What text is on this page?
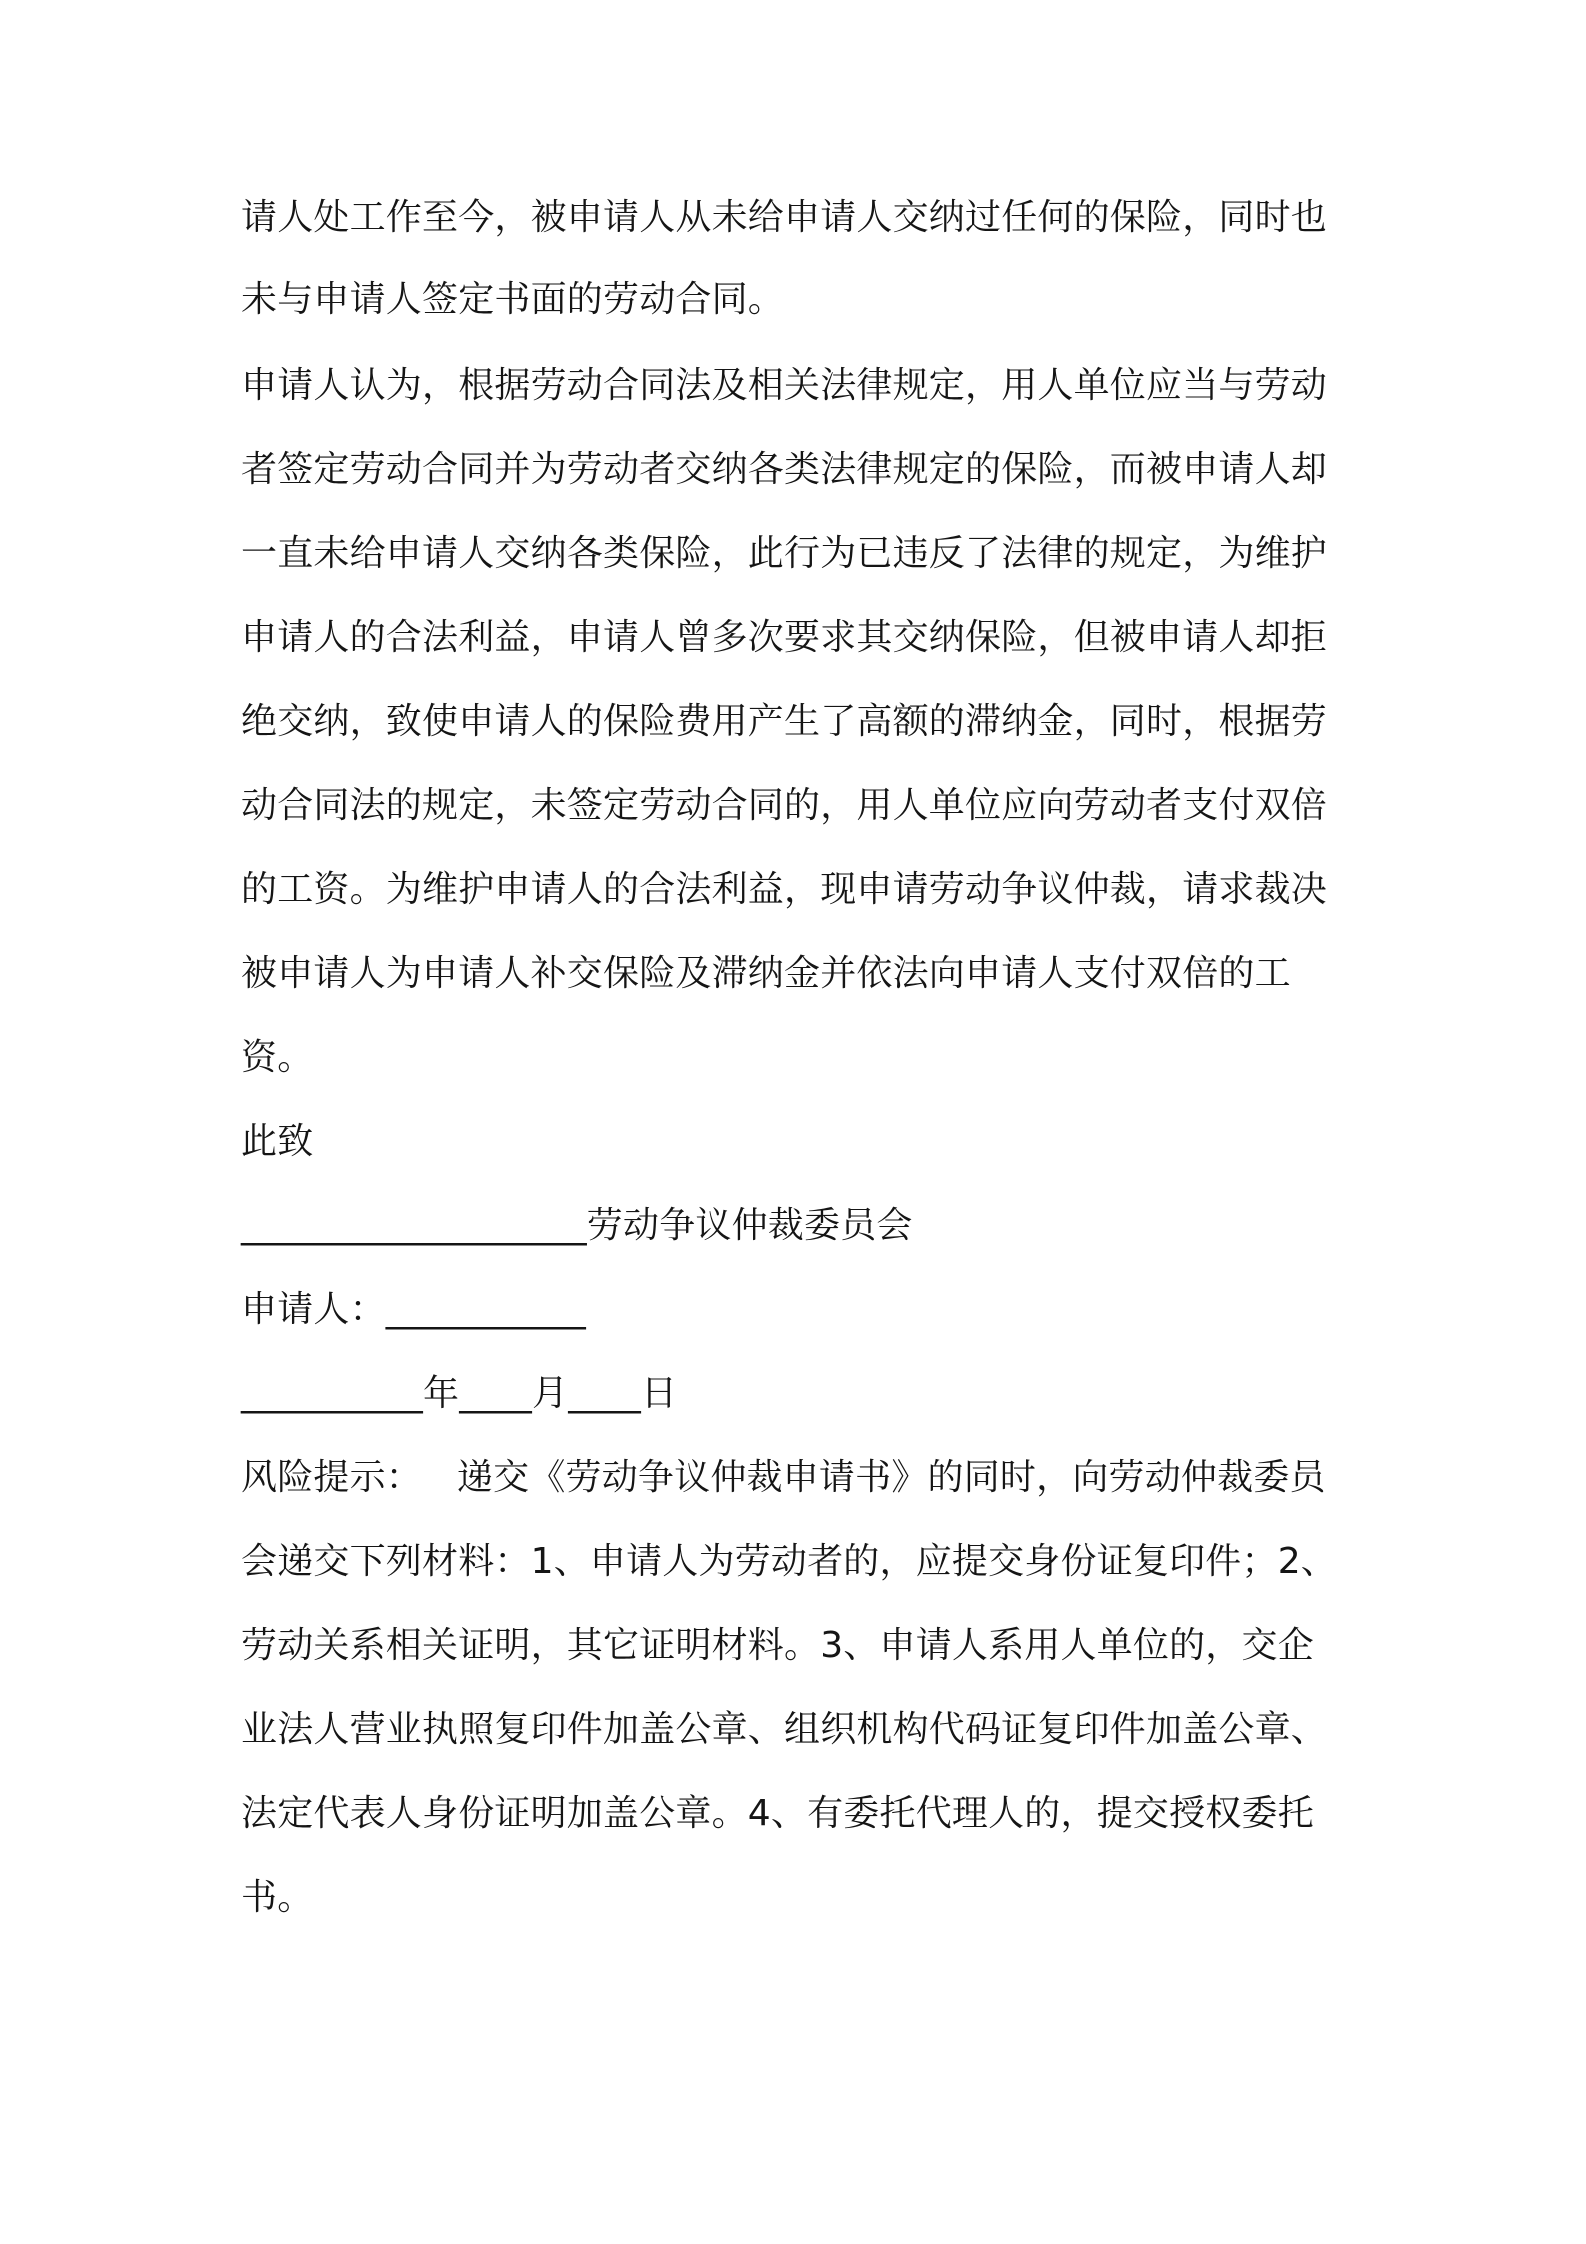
请人处工作至今，被申请人从未给申请人交纳过任何的保险，同时也
未与申请人签定书面的劳动合同。
申请人认为，根据劳动合同法及相关法律规定，用人单位应当与劳动
者签定劳动合同并为劳动者交纳各类法律规定的保险，而被申请人却
一直未给申请人交纳各类保险，此行为已违反了法律的规定，为维护
申请人的合法利益，申请人曾多次要求其交纳保险，但被申请人却拒
绝交纳，致使申请人的保险费用产生了高额的滞纳金，同时，根据劳
动合同法的规定，未签定劳动合同的，用人单位应向劳动者支付双倍
的工资。为维护申请人的合法利益，现申请劳动争议仲裁，请求裁决
被申请人为申请人补交保险及滞纳金并依法向申请人支付双倍的工
资。
此致
___________________劳动争议仲裁委员会
申请人：___________
__________年____月____日
风险提示：   递交《劳动争议仲裁申请书》的同时，向劳动仲裁委员
会递交下列材料：1、申请人为劳动者的，应提交身份证复印件；2、
劳动关系相关证明，其它证明材料。3、申请人系用人单位的，交企
业法人营业执照复印件加盖公章、组织机构代码证复印件加盖公章、
法定代表人身份证明加盖公章。4、有委托代理人的，提交授权委托
书。
